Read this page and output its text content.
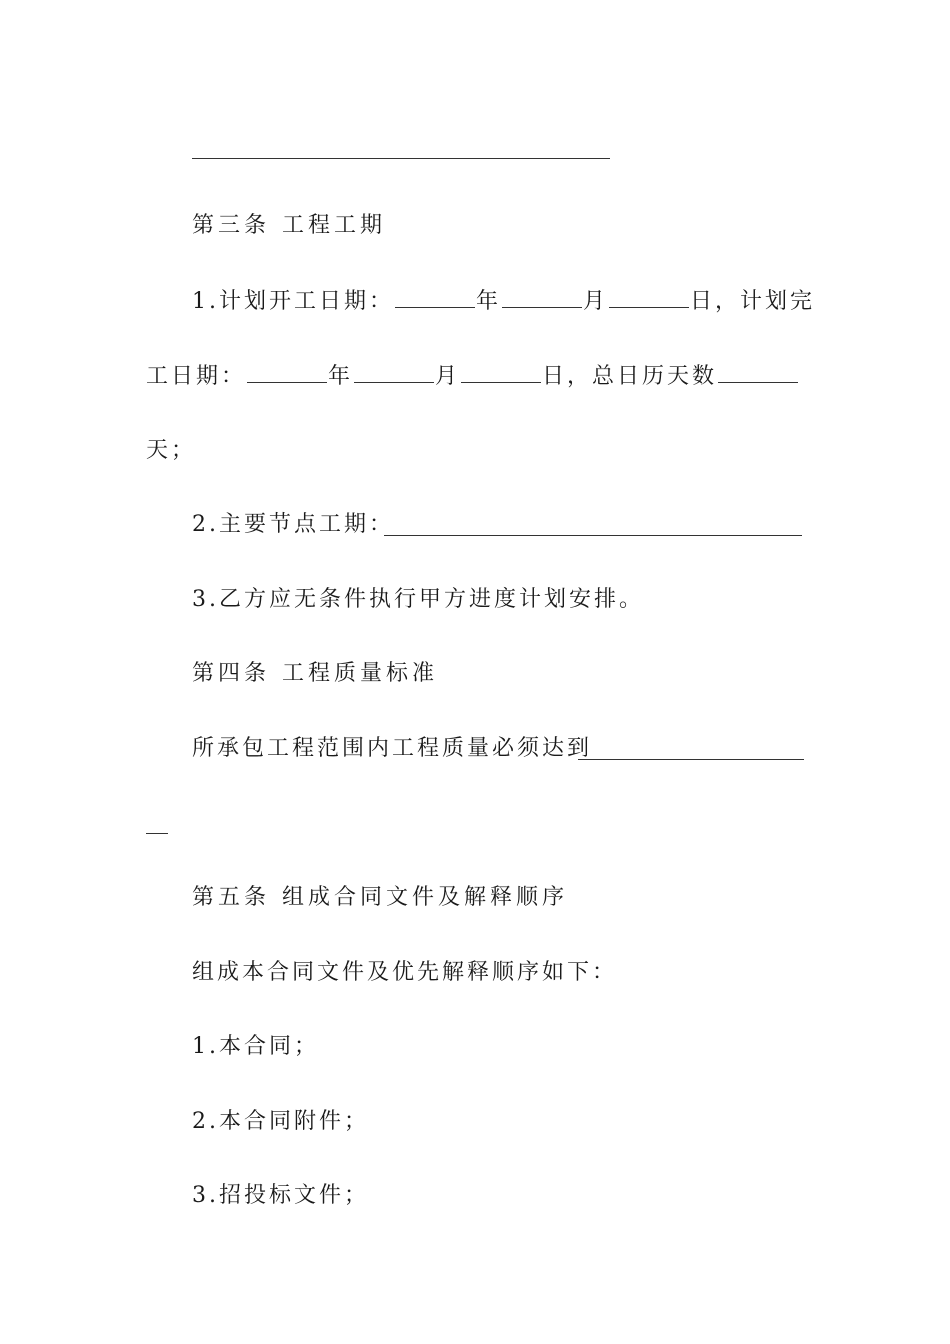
第三条 工程工期
1.计划开工日期：	年	月	日，计划完
工日期：	年	月	日，总日历天数
天；
2.主要节点工期：
3.乙方应无条件执行甲方进度计划安排。
第四条 工程质量标准
所承包工程范围内工程质量必须达到
第五条 组成合同文件及解释顺序
组成本合同文件及优先解释顺序如下：
1.本合同；
2.本合同附件；
3.招投标文件；
